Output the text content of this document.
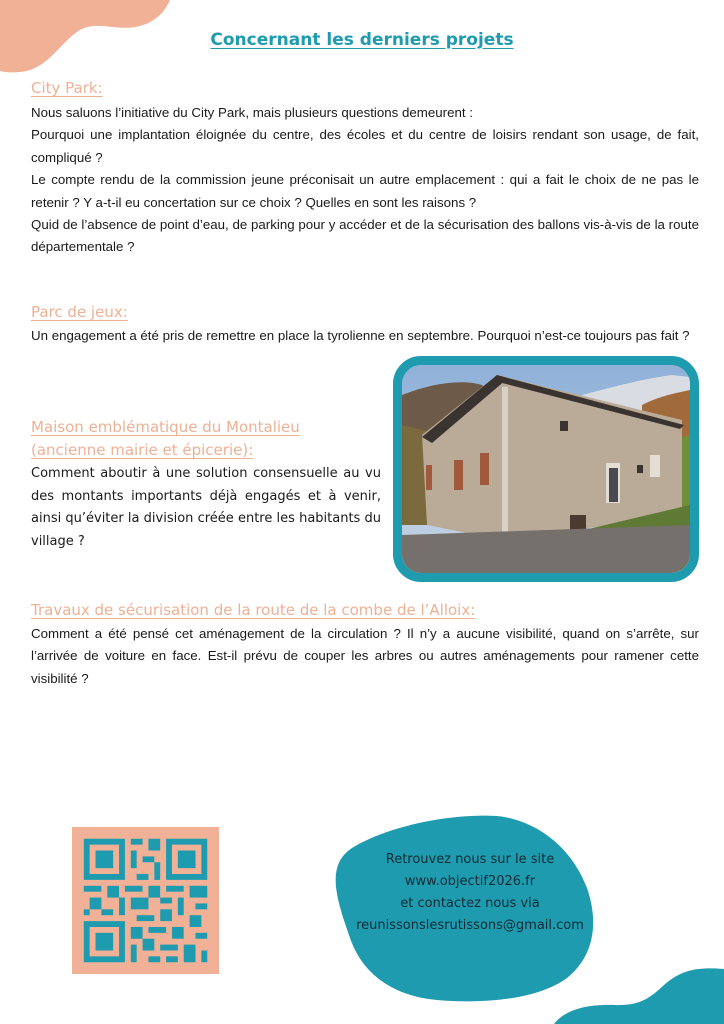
Concernant les derniers projets
City Park:
Nous saluons l’initiative du City Park, mais plusieurs questions demeurent :
Pourquoi une implantation éloignée du centre, des écoles et du centre de loisirs rendant son usage, de fait, compliqué ?
Le compte rendu de la commission jeune préconisait un autre emplacement : qui a fait le choix de ne pas le retenir ? Y a-t-il eu concertation sur ce choix ? Quelles en sont les raisons ?
Quid de l’absence de point d’eau, de parking pour y accéder et de la sécurisation des ballons vis-à-vis de la route départementale ?
Parc de jeux:
Un engagement a été pris de remettre en place la tyrolienne en septembre. Pourquoi n’est-ce toujours pas fait ?
Maison emblématique du Montalieu
(ancienne mairie et épicerie):
Comment aboutir à une solution consensuelle au vu des montants importants déjà engagés et à venir, ainsi qu’éviter la division créée entre les habitants du village ?
Travaux de sécurisation de la route de la combe de l’Alloix:
Comment a été pensé cet aménagement de la circulation ? Il n’y a aucune visibilité, quand on s’arrête, sur l’arrivée de voiture en face. Est-il prévu de couper les arbres ou autres aménagements pour ramener cette visibilité ?
Retrouvez nous sur le site
www.objectif2026.fr
et contactez nous via
reunissonslesrutissons@gmail.com
